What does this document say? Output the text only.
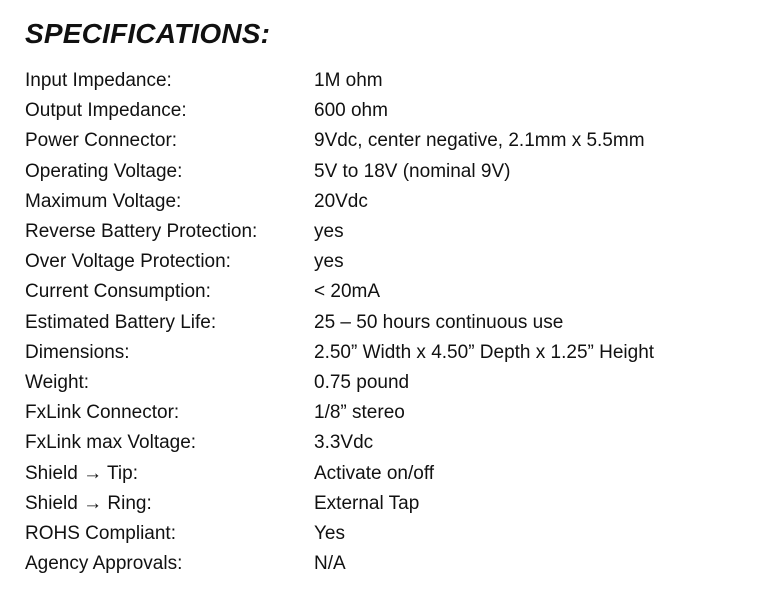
SPECIFICATIONS:
Input Impedance:	1M ohm
Output Impedance:	600 ohm
Power Connector:	9Vdc, center negative, 2.1mm x 5.5mm
Operating Voltage:	5V to 18V (nominal 9V)
Maximum Voltage:	20Vdc
Reverse Battery Protection:	yes
Over Voltage Protection:	yes
Current Consumption:	< 20mA
Estimated Battery Life:	25 – 50 hours continuous use
Dimensions:	2.50” Width x 4.50” Depth x 1.25” Height
Weight:	0.75 pound
FxLink Connector:	1/8” stereo
FxLink max Voltage:	3.3Vdc
Shield → Tip:	Activate on/off
Shield → Ring:	External Tap
ROHS Compliant:	Yes
Agency Approvals:	N/A
